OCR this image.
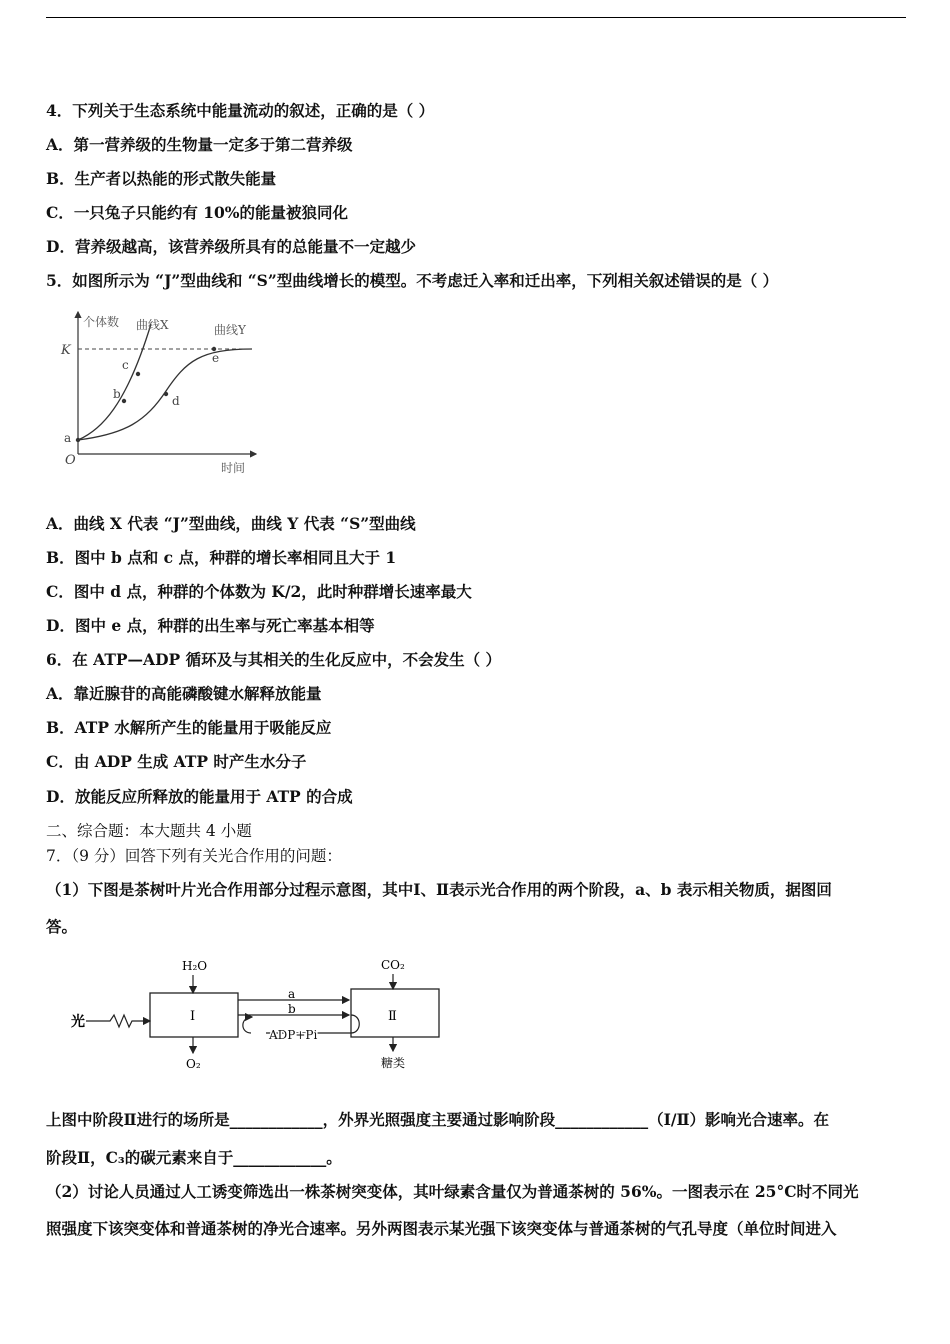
4．下列关于生态系统中能量流动的叙述，正确的是（ ）
A．第一营养级的生物量一定多于第二营养级
B．生产者以热能的形式散失能量
C．一只兔子只能约有 10%的能量被狼同化
D．营养级越高，该营养级所具有的总能量不一定越少
5．如图所示为 “J”型曲线和 “S”型曲线增长的模型。不考虑迁入率和迁出率，下列相关叙述错误的是（ ）
个体数 曲线X	曲线Y
K
O	时间
a
b
c
d
e
A．曲线 X 代表 “J”型曲线，曲线 Y 代表 “S”型曲线
B．图中 b 点和 c 点，种群的增长率相同且大于 1
C．图中 d 点，种群的个体数为 K/2，此时种群增长速率最大
D．图中 e 点，种群的出生率与死亡率基本相等
6．在 ATP—ADP 循环及与其相关的生化反应中，不会发生（ ）
A．靠近腺苷的高能磷酸键水解释放能量
B．ATP 水解所产生的能量用于吸能反应
C．由 ADP 生成 ATP 时产生水分子
D．放能反应所释放的能量用于 ATP 的合成
二、综合题：本大题共 4 小题
7．（9 分）回答下列有关光合作用的问题：
（1）下图是茶树叶片光合作用部分过程示意图，其中Ⅰ、Ⅱ表示光合作用的两个阶段，a、b 表示相关物质，据图回
答。
光
H₂O
Ⅰ
O₂
a
b
ADP+Pi
CO₂
Ⅱ
糖类
上图中阶段Ⅱ进行的场所是____________，外界光照强度主要通过影响阶段____________（Ⅰ/Ⅱ）影响光合速率。在
阶段Ⅱ，C₃的碳元素来自于____________。
（2）讨论人员通过人工诱变筛选出一株茶树突变体，其叶绿素含量仅为普通茶树的 56%。一图表示在 25°C时不同光
照强度下该突变体和普通茶树的净光合速率。另外两图表示某光强下该突变体与普通茶树的气孔导度（单位时间进入
